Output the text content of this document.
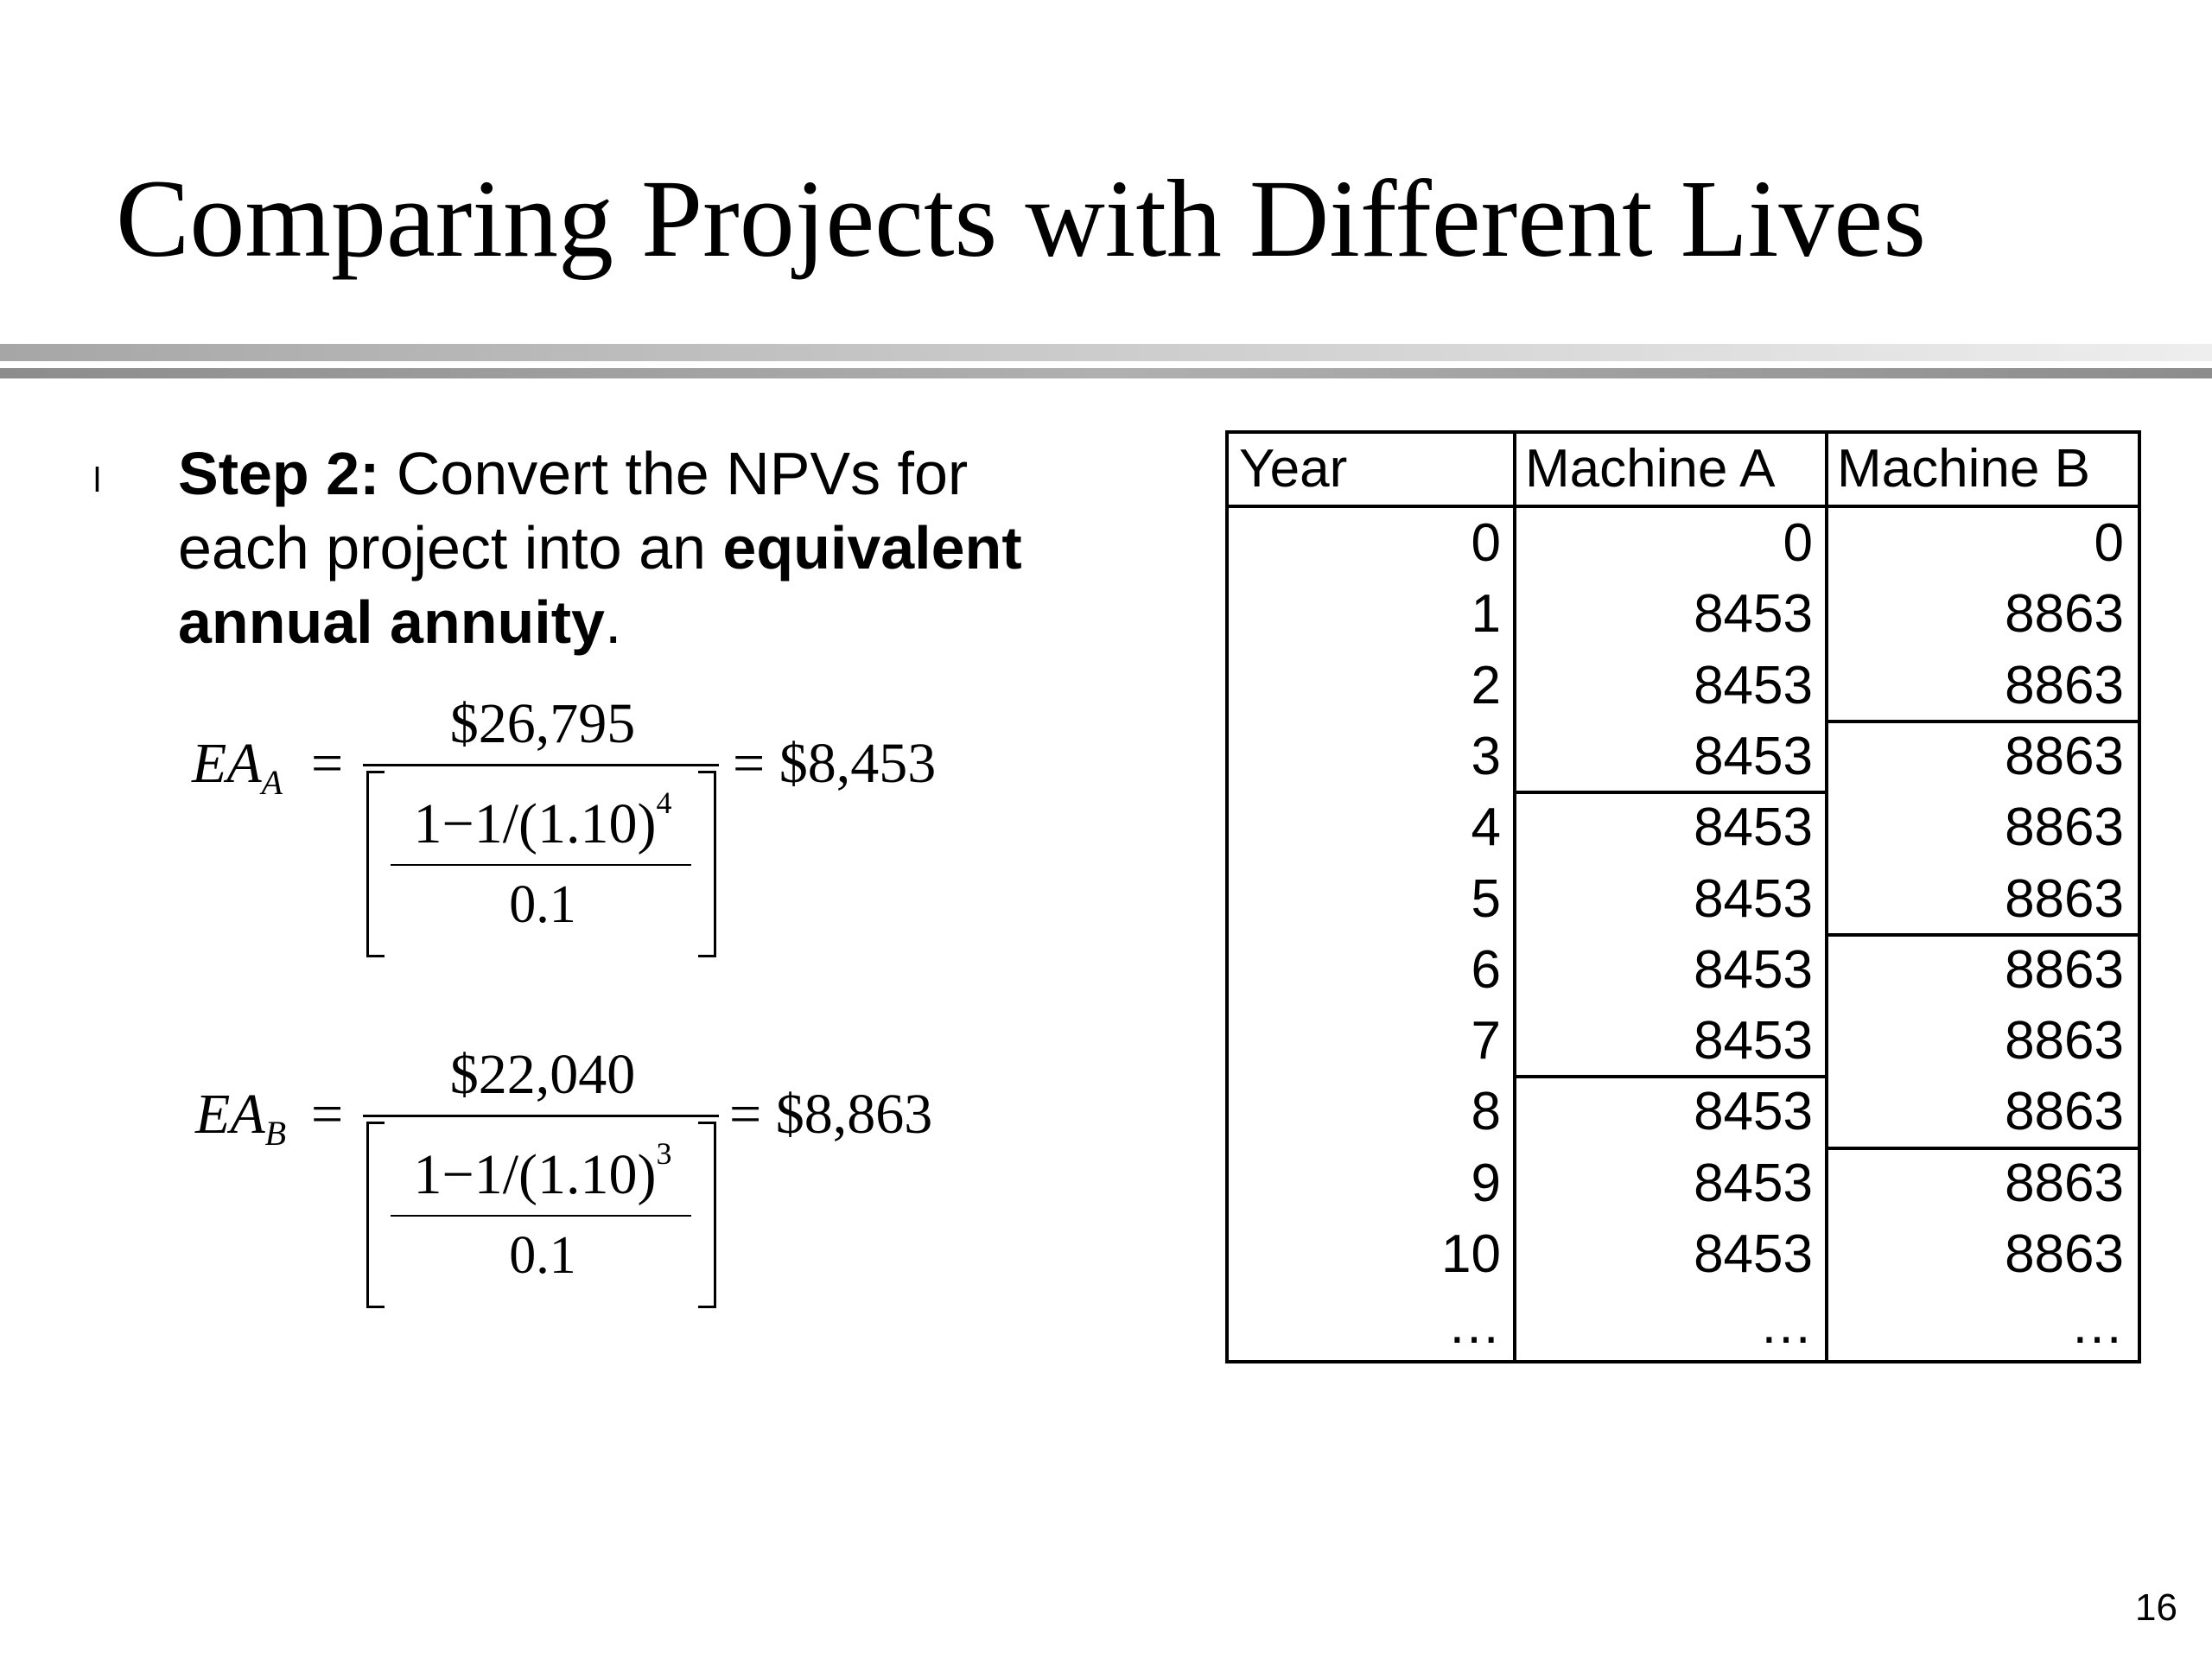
Comparing Projects with Different Lives
l Step 2: Convert the NPVs for each project into an equivalent annual annuity.
$EA_A$ =
$26,795
$1-1/(1.10)^4$
0.1
= $8,453
$EA_B$ =
$22,040
$1-1/(1.10)^3$
0.1
= $8,863
Year	Machine A	Machine B
0	0	0
1	8453	8863
2	8453	8863
3	8453	8863
4	8453	8863
5	8453	8863
6	8453	8863
7	8453	8863
8	8453	8863
9	8453	8863
10	8453	8863
…	…	…
16
